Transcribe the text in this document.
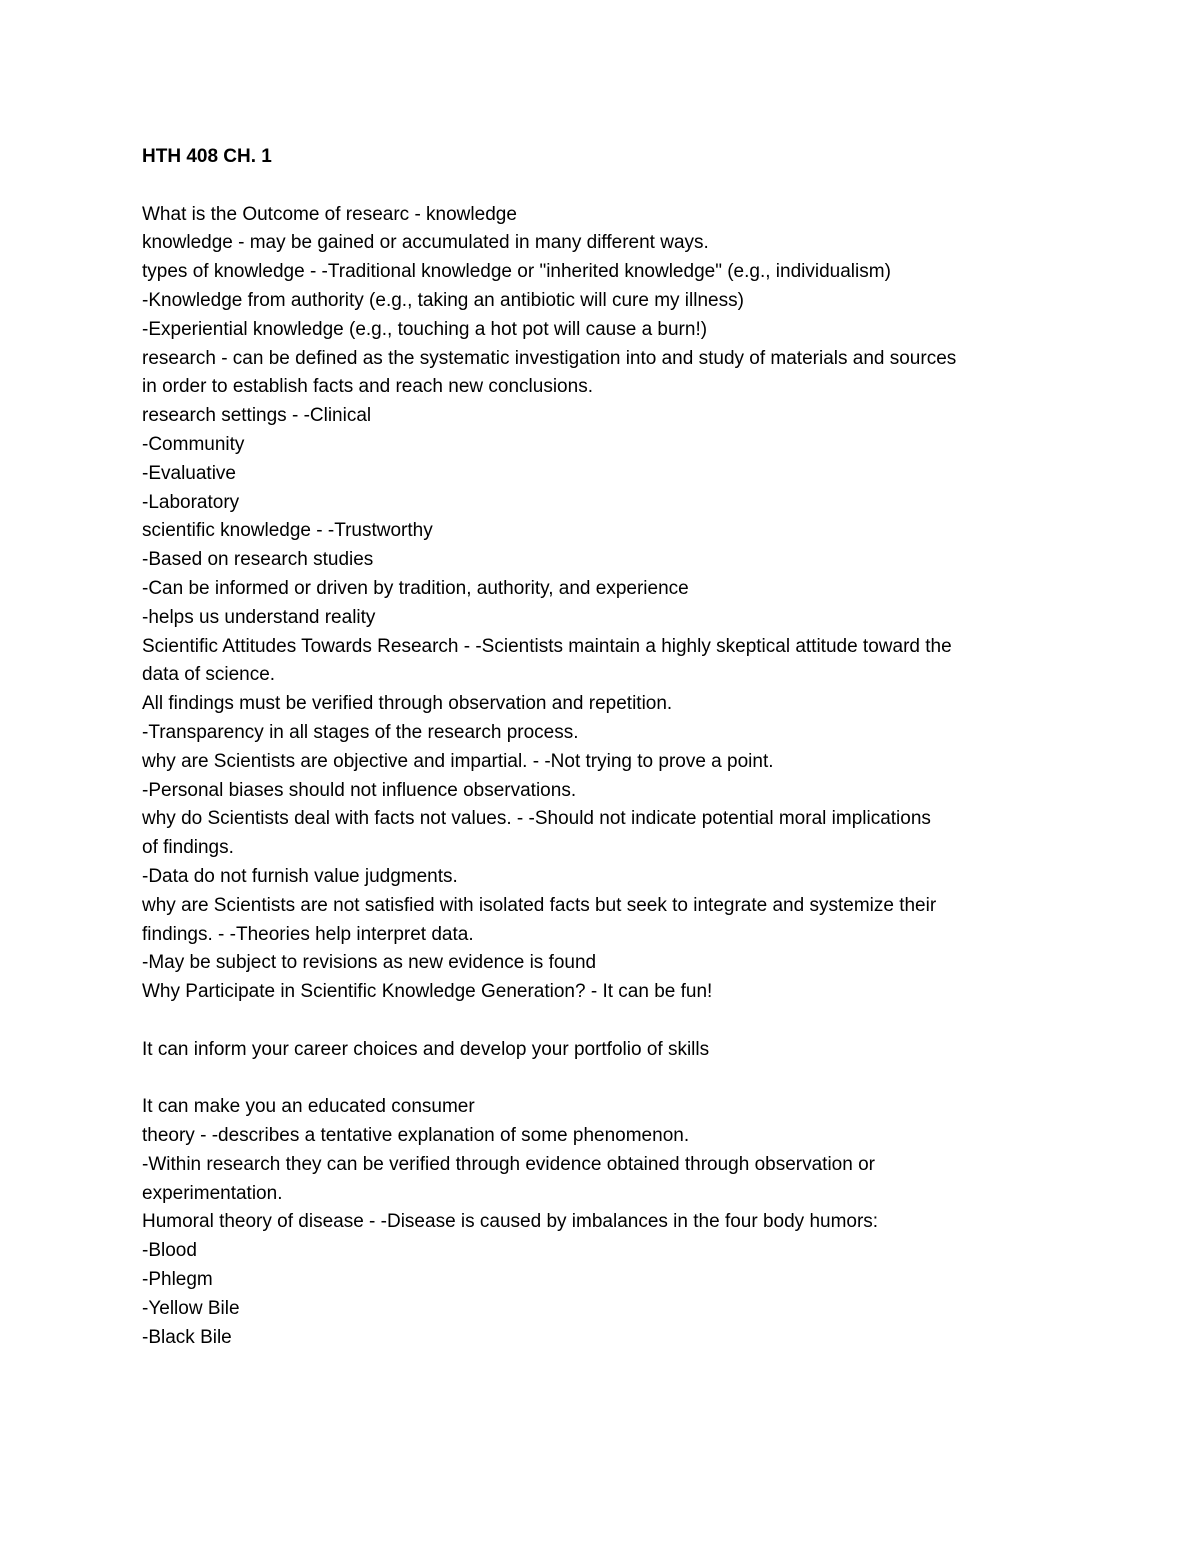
HTH 408 CH. 1
What is the Outcome of researc - knowledge
knowledge - may be gained or accumulated in many different ways.
types of knowledge - -Traditional knowledge or "inherited knowledge" (e.g., individualism)
-Knowledge from authority (e.g., taking an antibiotic will cure my illness)
-Experiential knowledge (e.g., touching a hot pot will cause a burn!)
research - can be defined as the systematic investigation into and study of materials and sources
in order to establish facts and reach new conclusions.
research settings - -Clinical
-Community
-Evaluative
-Laboratory
scientific knowledge - -Trustworthy
-Based on research studies
-Can be informed or driven by tradition, authority, and experience
-helps us understand reality
Scientific Attitudes Towards Research - -Scientists maintain a highly skeptical attitude toward the
data of science.
All findings must be verified through observation and repetition.
-Transparency in all stages of the research process.
why are Scientists are objective and impartial. - -Not trying to prove a point.
-Personal biases should not influence observations.
why do Scientists deal with facts not values. - -Should not indicate potential moral implications
of findings.
-Data do not furnish value judgments.
why are Scientists are not satisfied with isolated facts but seek to integrate and systemize their
findings. - -Theories help interpret data.
-May be subject to revisions as new evidence is found
Why Participate in Scientific Knowledge Generation? - It can be fun!
It can inform your career choices and develop your portfolio of skills
It can make you an educated consumer
theory - -describes a tentative explanation of some phenomenon.
-Within research they can be verified through evidence obtained through observation or
experimentation.
Humoral theory of disease - -Disease is caused by imbalances in the four body humors:
-Blood
-Phlegm
-Yellow Bile
-Black Bile
